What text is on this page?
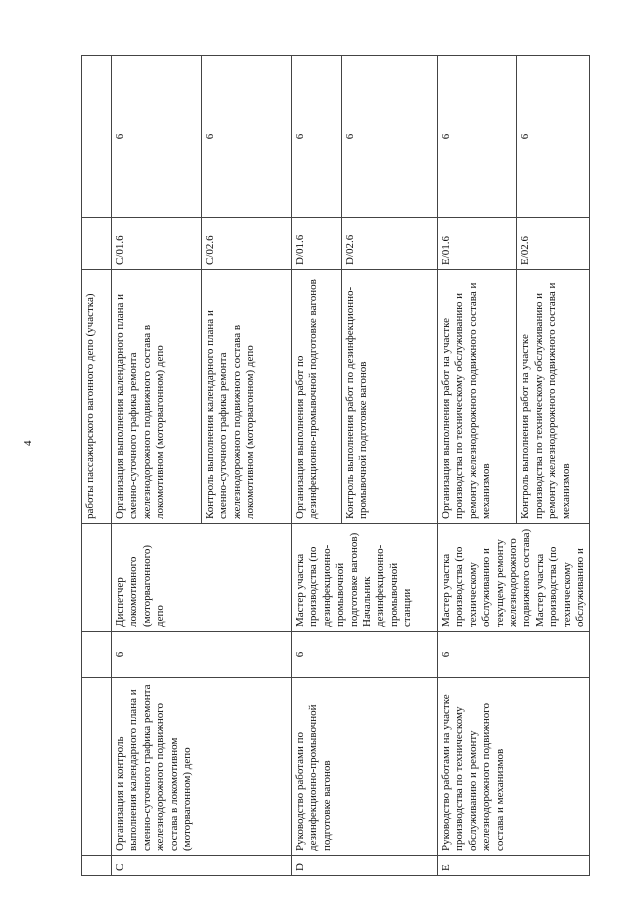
4
					работы пассажирского вагонного депо (участка)		
C	Организация и контроль выполнения календарного плана и сменно-суточного графика ремонта железнодорожного подвижного состава в локомотивном (моторвагонном) депо	6	Диспетчер локомотивного (моторвагонного) депо	Организация выполнения календарного плана и сменно-суточного графика ремонта железнодорожного подвижного состава в локомотивном (моторвагонном) депо	C/01.6	6
				Контроль выполнения календарного плана и сменно-суточного графика ремонта железнодорожного подвижного состава в локомотивном (моторвагонном) депо	C/02.6	6
D	Руководство работами по дезинфекционно-промывочной подготовке вагонов	6	Мастер участка производства (по дезинфекционно-промывочной подготовке вагонов) Начальник дезинфекционно-промывочной станции	Организация выполнения работ по дезинфекционно-промывочной подготовке вагонов	D/01.6	6
				Контроль выполнения работ по дезинфекционно-промывочной подготовке вагонов	D/02.6	6
E	Руководство работами на участке производства по техническому обслуживанию и ремонту железнодорожного подвижного состава и механизмов	6	Мастер участка производства (по техническому обслуживанию и текущему ремонту железнодорожного подвижного состава) Мастер участка производства (по техническому обслуживанию и	Организация выполнения работ на участке производства по техническому обслуживанию и ремонту железнодорожного подвижного состава и механизмов	E/01.6	6
				Контроль выполнения работ на участке производства по техническому обслуживанию и ремонту железнодорожного подвижного состава и механизмов	E/02.6	6
